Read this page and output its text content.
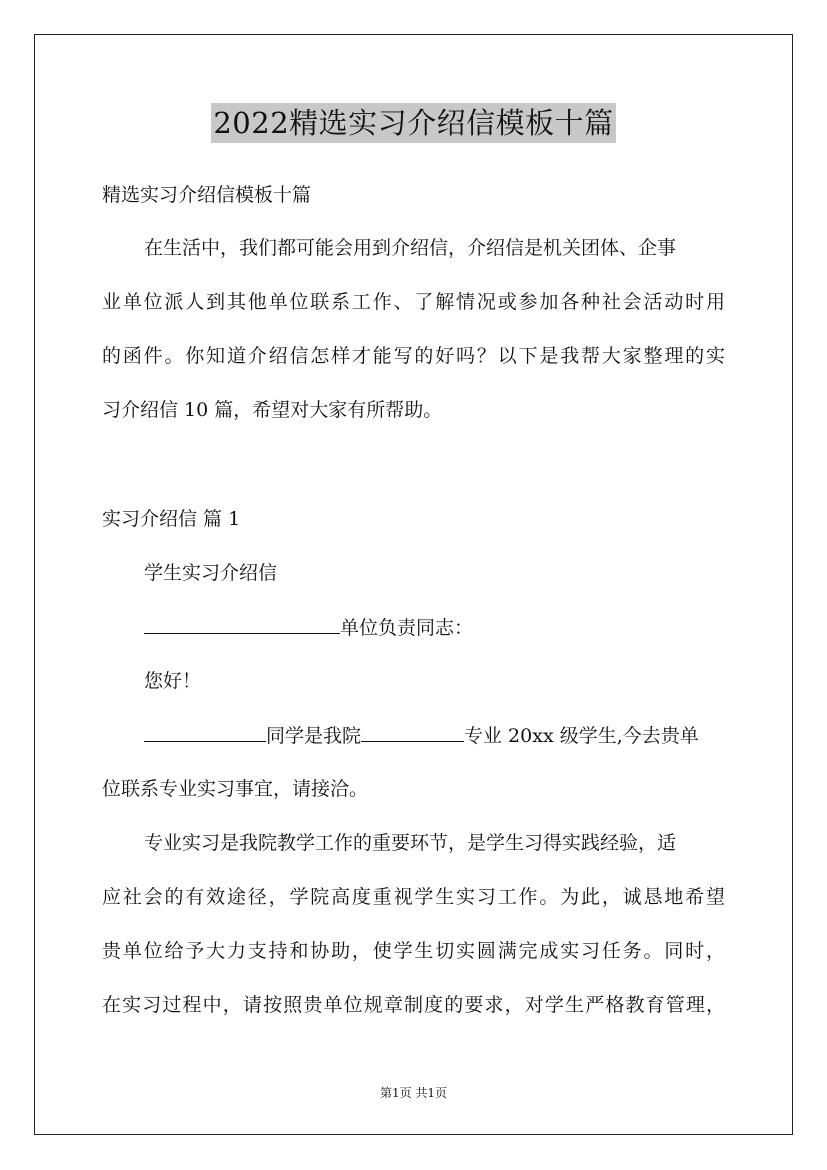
2022精选实习介绍信模板十篇
精选实习介绍信模板十篇
在生活中，我们都可能会用到介绍信，介绍信是机关团体、企事
业单位派人到其他单位联系工作、了解情况或参加各种社会活动时用
的函件。你知道介绍信怎样才能写的好吗？以下是我帮大家整理的实
习介绍信 10 篇，希望对大家有所帮助。
实习介绍信 篇 1
学生实习介绍信
单位负责同志：
您好！
同学是我院	专业 20xx 级学生,今去贵单
位联系专业实习事宜，请接洽。
专业实习是我院教学工作的重要环节，是学生习得实践经验，适
应社会的有效途径，学院高度重视学生实习工作。为此，诚恳地希望
贵单位给予大力支持和协助，使学生切实圆满完成实习任务。同时，
在实习过程中，请按照贵单位规章制度的要求，对学生严格教育管理，
第1页 共1页
